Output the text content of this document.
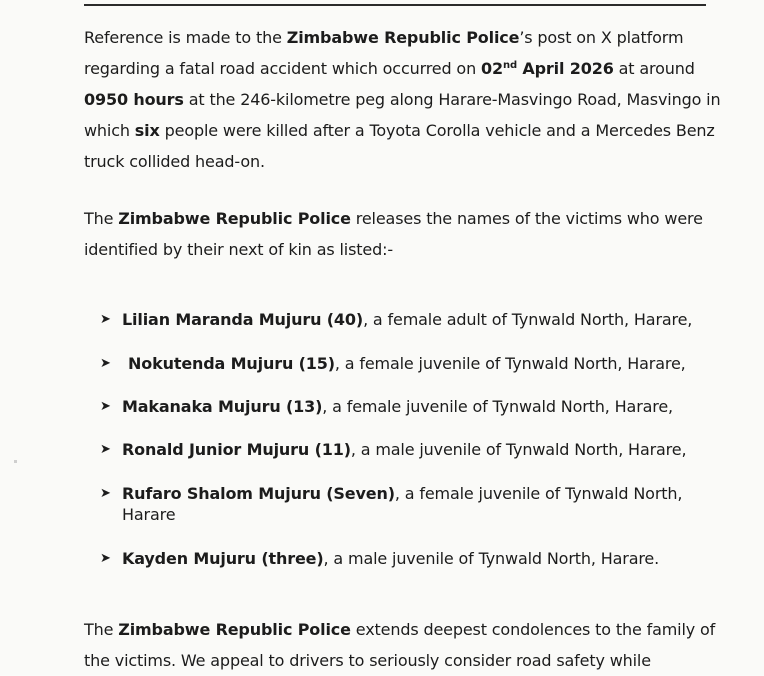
Reference is made to the Zimbabwe Republic Police’s post on X platform regarding a fatal road accident which occurred on 02nd April 2026 at around 0950 hours at the 246-kilometre peg along Harare-Masvingo Road, Masvingo in which six people were killed after a Toyota Corolla vehicle and a Mercedes Benz truck collided head-on.

The Zimbabwe Republic Police releases the names of the victims who were identified by their next of kin as listed:-

➤ Lilian Maranda Mujuru (40), a female adult of Tynwald North, Harare,
➤	Nokutenda Mujuru (15), a female juvenile of Tynwald North, Harare,
➤ Makanaka Mujuru (13), a female juvenile of Tynwald North, Harare,
➤ Ronald Junior Mujuru (11), a male juvenile of Tynwald North, Harare,
➤ Rufaro Shalom Mujuru (Seven), a female juvenile of Tynwald North, Harare
➤ Kayden Mujuru (three), a male juvenile of Tynwald North, Harare.

The Zimbabwe Republic Police extends deepest condolences to the family of the victims. We appeal to drivers to seriously consider road safety while
